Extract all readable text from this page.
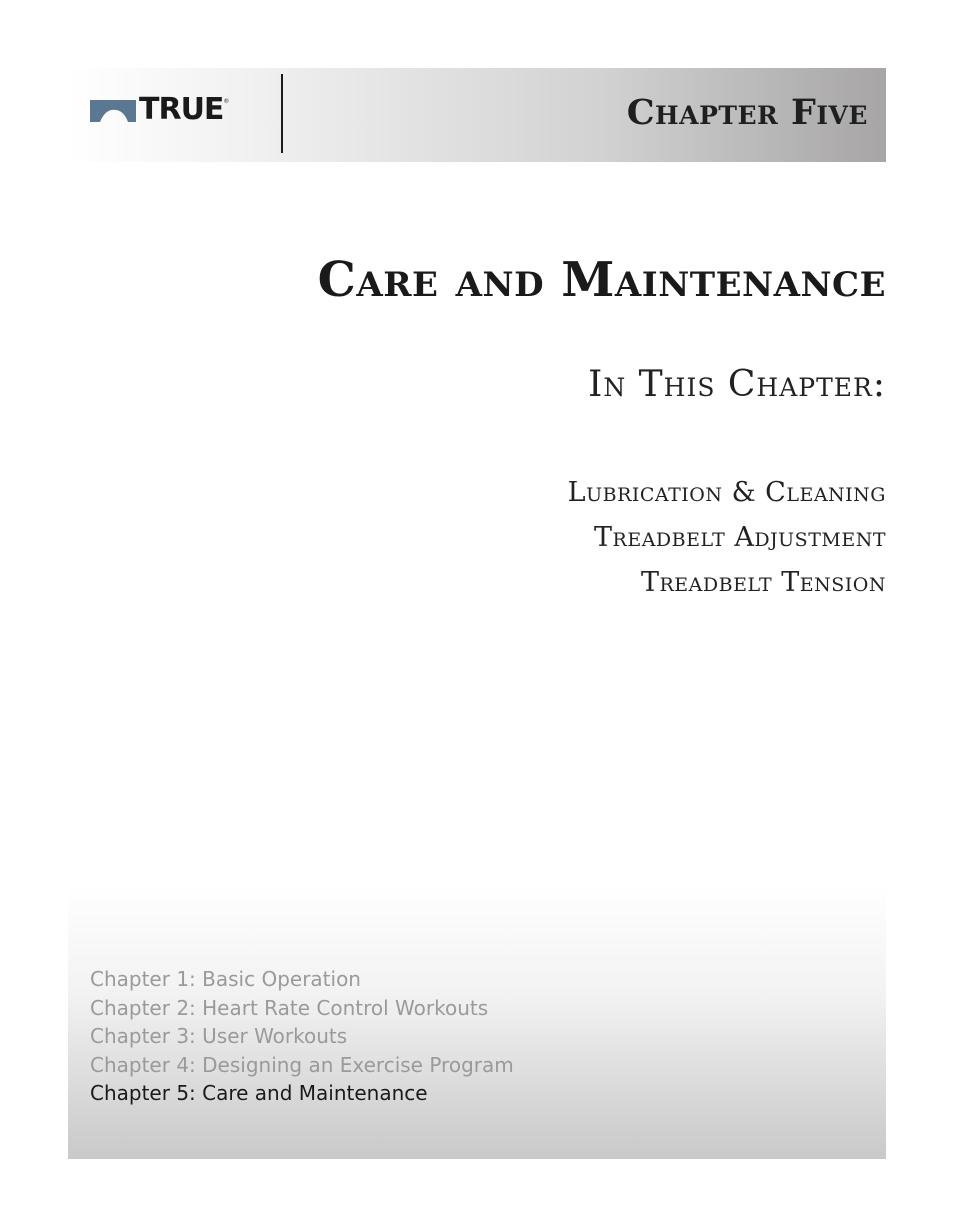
TRUE ®	Chapter Five
Care and Maintenance
In This Chapter:
Lubrication & Cleaning
Treadbelt Adjustment
Treadbelt Tension
Chapter 1: Basic Operation
Chapter 2: Heart Rate Control Workouts
Chapter 3: User Workouts
Chapter 4: Designing an Exercise Program
Chapter 5: Care and Maintenance
